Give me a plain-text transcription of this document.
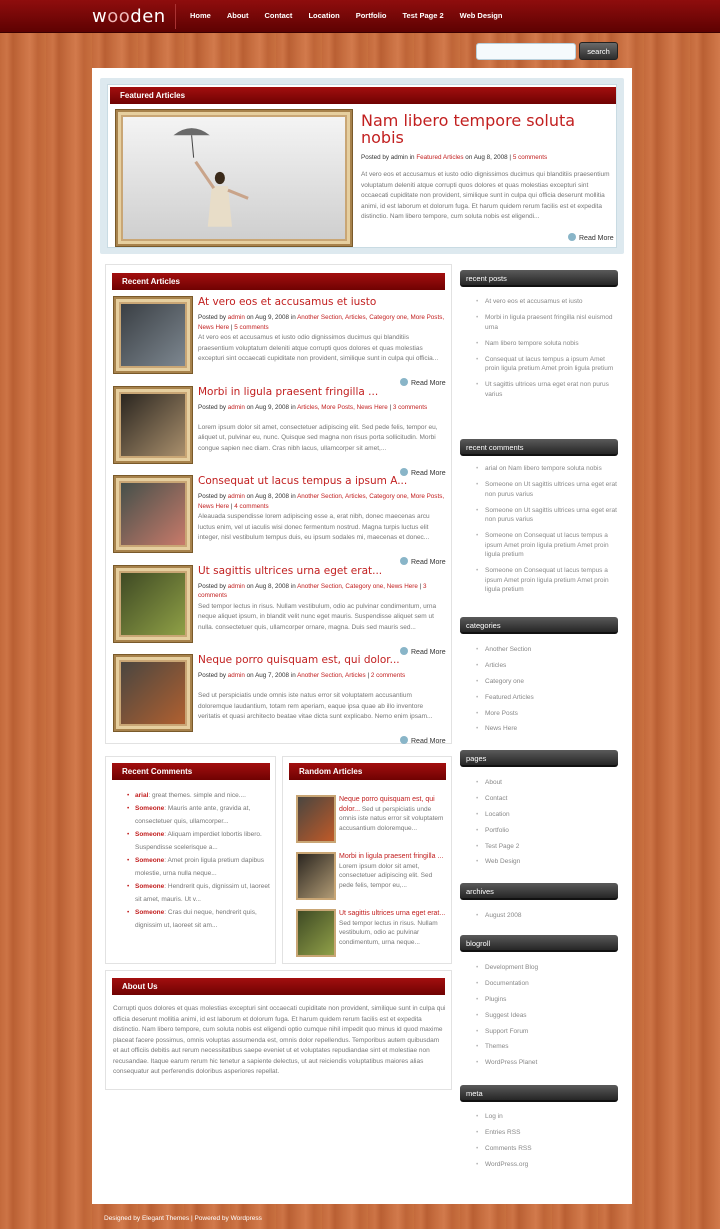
wooden	Home	About	Contact	Location	Portfolio	Test Page 2	Web Design
search
Featured Articles
Nam libero tempore soluta nobis
Posted by admin in Featured Articles on Aug 8, 2008 | 5 comments
At vero eos et accusamus et iusto odio dignissimos ducimus qui blanditiis praesentium voluptatum deleniti atque corrupti quos dolores et quas molestias excepturi sint occaecati cupiditate non provident, similique sunt in culpa qui officia deserunt mollitia animi, id est laborum et dolorum fuga. Et harum quidem rerum facilis est et expedita distinctio. Nam libero tempore, cum soluta nobis est eligendi...
Read More
Recent Articles
At vero eos et accusamus et iusto
Posted by admin on Aug 9, 2008 in Another Section, Articles, Category one, More Posts, News Here | 5 comments
At vero eos et accusamus et iusto odio dignissimos ducimus qui blanditiis praesentium voluptatum deleniti atque corrupti quos dolores et quas molestias excepturi sint occaecati cupiditate non provident, similique sunt in culpa qui officia...
Read More
Morbi in ligula praesent fringilla ...
Posted by admin on Aug 9, 2008 in Articles, More Posts, News Here | 3 comments
Lorem ipsum dolor sit amet, consectetuer adipiscing elit. Sed pede felis, tempor eu, aliquet ut, pulvinar eu, nunc. Quisque sed magna non risus porta sollicitudin. Morbi congue sapien nec diam. Cras nibh lacus, ullamcorper sit amet,...
Read More
Consequat ut lacus tempus a ipsum A...
Posted by admin on Aug 8, 2008 in Another Section, Articles, Category one, More Posts, News Here | 4 comments
Aleauada suspendisse lorem adipiscing esse a, erat nibh, donec maecenas arcu luctus enim, vel ut iaculis wisi donec fermentum nostrud. Magna turpis luctus elit integer, nisl vestibulum tempus duis, eu ipsum sodales mi, maecenas et donec...
Read More
Ut sagittis ultrices urna eget erat...
Posted by admin on Aug 8, 2008 in Another Section, Category one, News Here | 3 comments
Sed tempor lectus in risus. Nullam vestibulum, odio ac pulvinar condimentum, urna neque aliquet ipsum, in blandit velit nunc eget mauris. Suspendisse aliquet sem ut nulla. consectetuer quis, ullamcorper ornare, magna. Duis sed mauris sed...
Read More
Neque porro quisquam est, qui dolor...
Posted by admin on Aug 7, 2008 in Another Section, Articles | 2 comments
Sed ut perspiciatis unde omnis iste natus error sit voluptatem accusantium doloremque laudantium, totam rem aperiam, eaque ipsa quae ab illo inventore veritatis et quasi architecto beatae vitae dicta sunt explicabo. Nemo enim ipsam...
Read More
Recent Comments
• arial: great themes. simple and nice....
• Someone: Mauris ante ante, gravida at, consectetuer quis, ullamcorper...
• Someone: Aliquam imperdiet lobortis libero. Suspendisse scelerisque a...
• Someone: Amet proin ligula pretium dapibus molestie, urna nulla neque...
• Someone: Hendrerit quis, dignissim ut, laoreet sit amet, mauris. Ut v...
• Someone: Cras dui neque, hendrerit quis, dignissim ut, laoreet sit am...
Random Articles
Neque porro quisquam est, qui dolor... Sed ut perspiciatis unde omnis iste natus error sit voluptatem accusantium doloremque...
Morbi in ligula praesent fringilla ... Lorem ipsum dolor sit amet, consectetuer adipiscing elit. Sed pede felis, tempor eu,...
Ut sagittis ultrices urna eget erat... Sed tempor lectus in risus. Nullam vestibulum, odio ac pulvinar condimentum, urna neque...
About Us
Corrupti quos dolores et quas molestias excepturi sint occaecati cupiditate non provident, similique sunt in culpa qui officia deserunt mollitia animi, id est laborum et dolorum fuga. Et harum quidem rerum facilis est et expedita distinctio. Nam libero tempore, cum soluta nobis est eligendi optio cumque nihil impedit quo minus id quod maxime placeat facere possimus, omnis voluptas assumenda est, omnis dolor repellendus. Temporibus autem quibusdam et aut officiis debitis aut rerum necessitatibus saepe eveniet ut et voluptates repudiandae sint et molestiae non recusandae. Itaque earum rerum hic tenetur a sapiente delectus, ut aut reiciendis voluptatibus maiores alias consequatur aut perferendis doloribus asperiores repellat.
recent posts
• At vero eos et accusamus et iusto
• Morbi in ligula praesent fringilla nisl euismod urna
• Nam libero tempore soluta nobis
• Consequat ut lacus tempus a ipsum Amet proin ligula pretium Amet proin ligula pretium
• Ut sagittis ultrices urna eget erat non purus varius
recent comments
• arial on Nam libero tempore soluta nobis
• Someone on Ut sagittis ultrices urna eget erat non purus varius
• Someone on Ut sagittis ultrices urna eget erat non purus varius
• Someone on Consequat ut lacus tempus a ipsum Amet proin ligula pretium Amet proin ligula pretium
• Someone on Consequat ut lacus tempus a ipsum Amet proin ligula pretium Amet proin ligula pretium
categories
• Another Section
• Articles
• Category one
• Featured Articles
• More Posts
• News Here
pages
• About
• Contact
• Location
• Portfolio
• Test Page 2
• Web Design
archives
• August 2008
blogroll
• Development Blog
• Documentation
• Plugins
• Suggest Ideas
• Support Forum
• Themes
• WordPress Planet
meta
• Log in
• Entries RSS
• Comments RSS
• WordPress.org
Designed by Elegant Themes | Powered by Wordpress
